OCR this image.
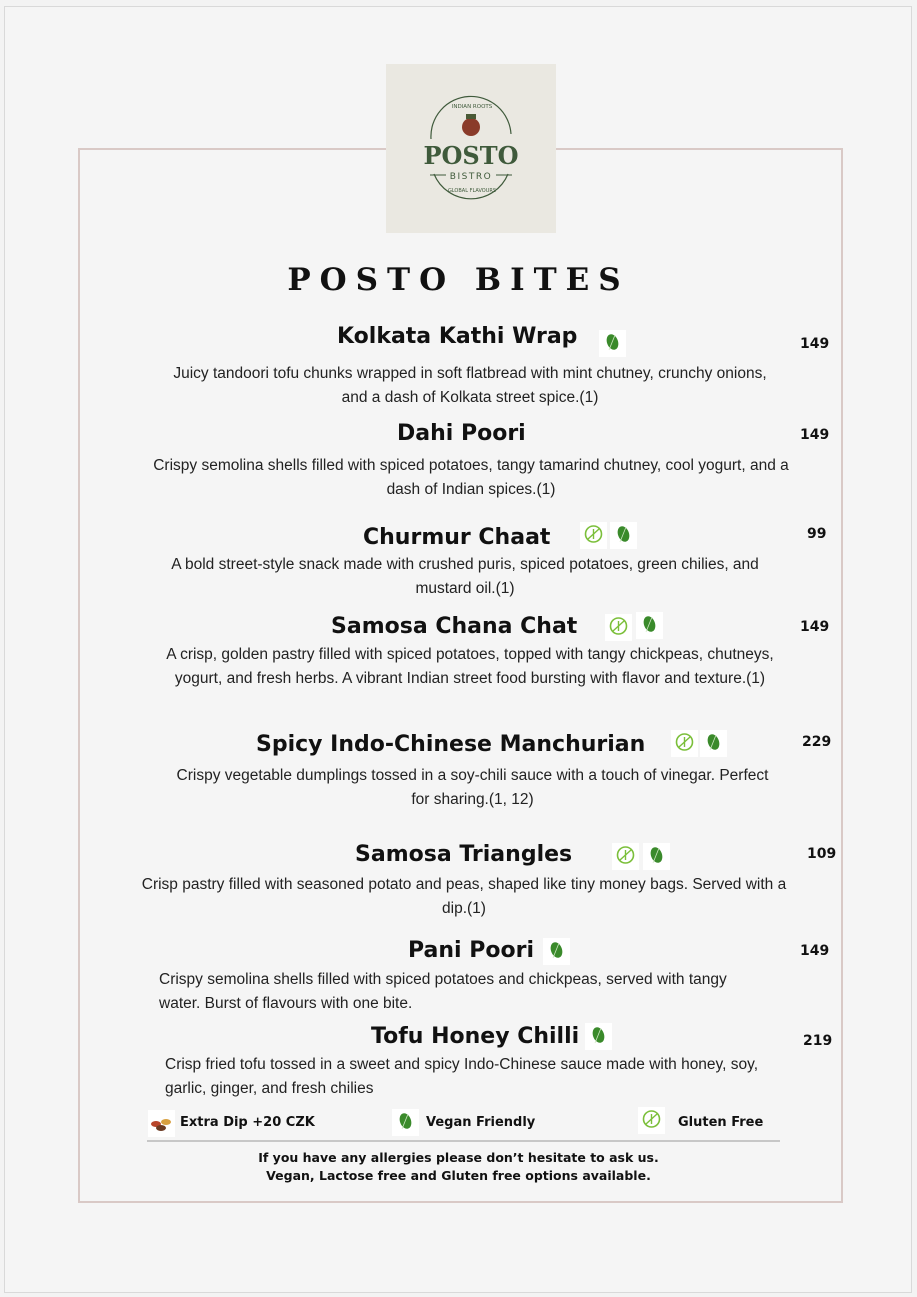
INDIAN ROOTS
POSTO
BISTRO
GLOBAL FLAVOURS
POSTO BITES
Kolkata Kathi Wrap	149
Juicy tandoori tofu chunks wrapped in soft flatbread with mint chutney, crunchy onions, and a dash of Kolkata street spice.(1)
Dahi Poori	149
Crispy semolina shells filled with spiced potatoes, tangy tamarind chutney, cool yogurt, and a dash of Indian spices.(1)
Churmur Chaat	99
A bold street-style snack made with crushed puris, spiced potatoes, green chilies, and mustard oil.(1)
Samosa Chana Chat	149
A crisp, golden pastry filled with spiced potatoes, topped with tangy chickpeas, chutneys, yogurt, and fresh herbs. A vibrant Indian street food bursting with flavor and texture.(1)
Spicy Indo-Chinese Manchurian	229
Crispy vegetable dumplings tossed in a soy-chili sauce with a touch of vinegar. Perfect for sharing.(1, 12)
Samosa Triangles	109
Crisp pastry filled with seasoned potato and peas, shaped like tiny money bags. Served with a dip.(1)
Pani Poori	149
Crispy semolina shells filled with spiced potatoes and chickpeas, served with tangy water. Burst of flavours with one bite.
Tofu Honey Chilli	219
Crisp fried tofu tossed in a sweet and spicy Indo-Chinese sauce made with honey, soy, garlic, ginger, and fresh chilies
Extra Dip +20 CZK	Vegan Friendly	Gluten Free
If you have any allergies please don’t hesitate to ask us.
Vegan, Lactose free and Gluten free options available.
